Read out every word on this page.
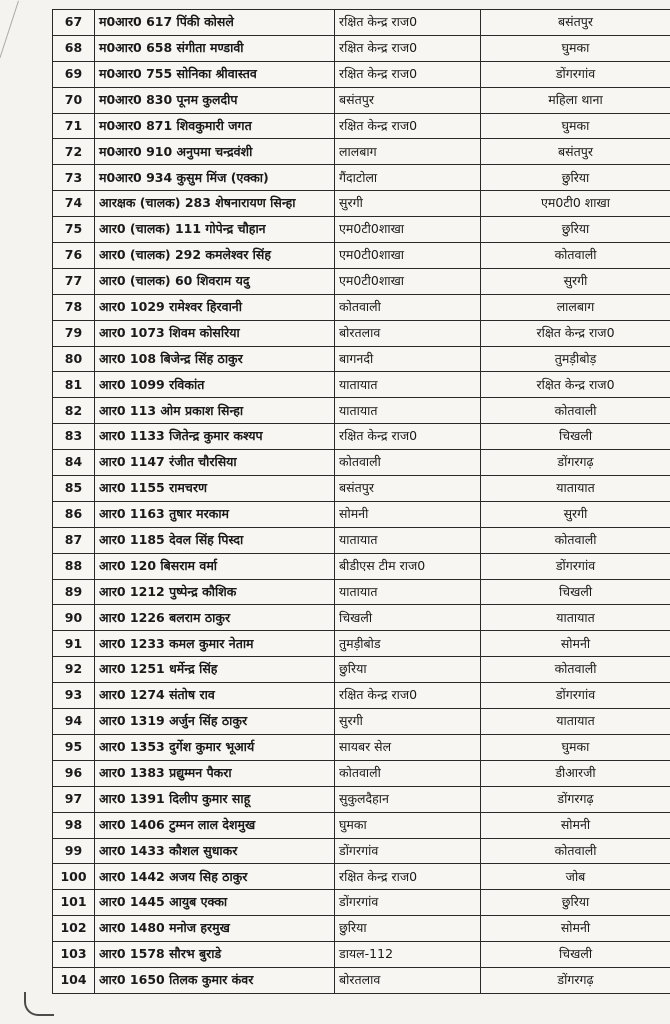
67	म0आर0 617 पिंकी कोसले	रक्षित केन्द्र राज0	बसंतपुर
68	म0आर0 658 संगीता मण्डावी	रक्षित केन्द्र राज0	घुमका
69	म0आर0 755 सोनिका श्रीवास्तव	रक्षित केन्द्र राज0	डोंगरगांव
70	म0आर0 830 पूनम कुलदीप	बसंतपुर	महिला थाना
71	म0आर0 871 शिवकुमारी जगत	रक्षित केन्द्र राज0	घुमका
72	म0आर0 910 अनुपमा चन्द्रवंशी	लालबाग	बसंतपुर
73	म0आर0 934 कुसुम मिंज (एक्का)	गैंदाटोला	छुरिया
74	आरक्षक (चालक) 283 शेषनारायण सिन्हा	सुरगी	एम0टी0 शाखा
75	आर0 (चालक) 111 गोपेन्द्र चौहान	एम0टी0शाखा	छुरिया
76	आर0 (चालक) 292 कमलेश्वर सिंह	एम0टी0शाखा	कोतवाली
77	आर0 (चालक) 60 शिवराम यदु	एम0टी0शाखा	सुरगी
78	आर0 1029 रामेश्वर हिरवानी	कोतवाली	लालबाग
79	आर0 1073 शिवम कोसरिया	बोरतलाव	रक्षित केन्द्र राज0
80	आर0 108 बिजेन्द्र सिंह ठाकुर	बागनदी	तुमड़ीबोड़
81	आर0 1099 रविकांत	यातायात	रक्षित केन्द्र राज0
82	आर0 113 ओम प्रकाश सिन्हा	यातायात	कोतवाली
83	आर0 1133 जितेन्द्र कुमार कश्यप	रक्षित केन्द्र राज0	चिखली
84	आर0 1147 रंजीत चौरसिया	कोतवाली	डोंगरगढ़
85	आर0 1155 रामचरण	बसंतपुर	यातायात
86	आर0 1163 तुषार मरकाम	सोमनी	सुरगी
87	आर0 1185 देवल सिंह पिस्दा	यातायात	कोतवाली
88	आर0 120 बिसराम वर्मा	बीडीएस टीम राज0	डोंगरगांव
89	आर0 1212 पुष्पेन्द्र कौशिक	यातायात	चिखली
90	आर0 1226 बलराम ठाकुर	चिखली	यातायात
91	आर0 1233 कमल कुमार नेताम	तुमड़ीबोड	सोमनी
92	आर0 1251 धर्मेन्द्र सिंह	छुरिया	कोतवाली
93	आर0 1274 संतोष राव	रक्षित केन्द्र राज0	डोंगरगांव
94	आर0 1319 अर्जुन सिंह ठाकुर	सुरगी	यातायात
95	आर0 1353 दुर्गेश कुमार भूआर्य	सायबर सेल	घुमका
96	आर0 1383 प्रद्युम्मन पैकरा	कोतवाली	डीआरजी
97	आर0 1391 दिलीप कुमार साहू	सुकुलदैहान	डोंगरगढ़
98	आर0 1406 टुम्मन लाल देशमुख	घुमका	सोमनी
99	आर0 1433 कौशल सुधाकर	डोंगरगांव	कोतवाली
100	आर0 1442 अजय सिह ठाकुर	रक्षित केन्द्र राज0	जोब
101	आर0 1445 आयुब एक्का	डोंगरगांव	छुरिया
102	आर0 1480 मनोज हरमुख	छुरिया	सोमनी
103	आर0 1578 सौरभ बुराडे	डायल-112	चिखली
104	आर0 1650 तिलक कुमार कंवर	बोरतलाव	डोंगरगढ़
